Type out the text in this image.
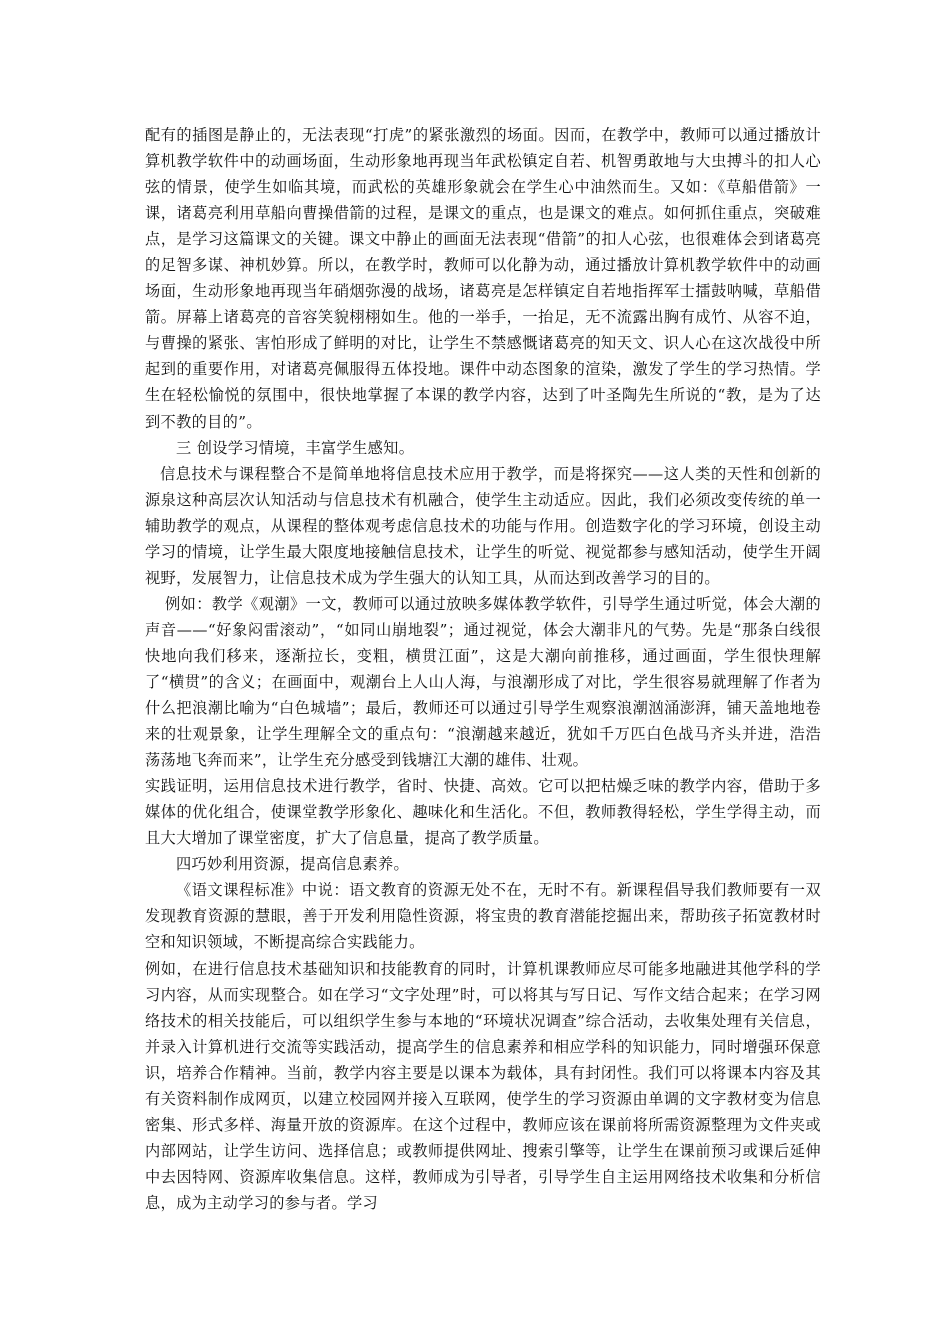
配有的插图是静止的，无法表现“打虎”的紧张激烈的场面。因而，在教学中，教师可以通过播放计算机教学软件中的动画场面，生动形象地再现当年武松镇定自若、机智勇敢地与大虫搏斗的扣人心弦的情景，使学生如临其境，而武松的英雄形象就会在学生心中油然而生。又如：《草船借箭》一课，诸葛亮利用草船向曹操借箭的过程，是课文的重点，也是课文的难点。如何抓住重点，突破难点，是学习这篇课文的关键。课文中静止的画面无法表现“借箭”的扣人心弦，也很难体会到诸葛亮的足智多谋、神机妙算。所以，在教学时，教师可以化静为动，通过播放计算机教学软件中的动画场面，生动形象地再现当年硝烟弥漫的战场，诸葛亮是怎样镇定自若地指挥军士擂鼓呐喊，草船借箭。屏幕上诸葛亮的音容笑貌栩栩如生。他的一举手，一抬足，无不流露出胸有成竹、从容不迫，与曹操的紧张、害怕形成了鲜明的对比，让学生不禁感慨诸葛亮的知天文、识人心在这次战役中所起到的重要作用，对诸葛亮佩服得五体投地。课件中动态图象的渲染，激发了学生的学习热情。学生在轻松愉悦的氛围中，很快地掌握了本课的教学内容，达到了叶圣陶先生所说的“教，是为了达到不教的目的”。

三 创设学习情境，丰富学生感知。

信息技术与课程整合不是简单地将信息技术应用于教学，而是将探究——这人类的天性和创新的源泉这种高层次认知活动与信息技术有机融合，使学生主动适应。因此，我们必须改变传统的单一辅助教学的观点，从课程的整体观考虑信息技术的功能与作用。创造数字化的学习环境，创设主动学习的情境，让学生最大限度地接触信息技术，让学生的听觉、视觉都参与感知活动，使学生开阔视野，发展智力，让信息技术成为学生强大的认知工具，从而达到改善学习的目的。

例如：教学《观潮》一文，教师可以通过放映多媒体教学软件，引导学生通过听觉，体会大潮的声音——“好象闷雷滚动”，“如同山崩地裂”；通过视觉，体会大潮非凡的气势。先是“那条白线很快地向我们移来，逐渐拉长，变粗，横贯江面”，这是大潮向前推移，通过画面，学生很快理解了“横贯”的含义；在画面中，观潮台上人山人海，与浪潮形成了对比，学生很容易就理解了作者为什么把浪潮比喻为“白色城墙”；最后，教师还可以通过引导学生观察浪潮汹涌澎湃，铺天盖地地卷来的壮观景象，让学生理解全文的重点句：“浪潮越来越近，犹如千万匹白色战马齐头并进，浩浩荡荡地飞奔而来”，让学生充分感受到钱塘江大潮的雄伟、壮观。

实践证明，运用信息技术进行教学，省时、快捷、高效。它可以把枯燥乏味的教学内容，借助于多媒体的优化组合，使课堂教学形象化、趣味化和生活化。不但，教师教得轻松，学生学得主动，而且大大增加了课堂密度，扩大了信息量，提高了教学质量。

四巧妙利用资源，提高信息素养。

《语文课程标准》中说：语文教育的资源无处不在，无时不有。新课程倡导我们教师要有一双发现教育资源的慧眼，善于开发利用隐性资源，将宝贵的教育潜能挖掘出来，帮助孩子拓宽教材时空和知识领域，不断提高综合实践能力。

例如，在进行信息技术基础知识和技能教育的同时，计算机课教师应尽可能多地融进其他学科的学习内容，从而实现整合。如在学习“文字处理”时，可以将其与写日记、写作文结合起来；在学习网络技术的相关技能后，可以组织学生参与本地的“环境状况调查”综合活动，去收集处理有关信息，并录入计算机进行交流等实践活动，提高学生的信息素养和相应学科的知识能力，同时增强环保意识，培养合作精神。当前，教学内容主要是以课本为载体，具有封闭性。我们可以将课本内容及其有关资料制作成网页，以建立校园网并接入互联网，使学生的学习资源由单调的文字教材变为信息密集、形式多样、海量开放的资源库。在这个过程中，教师应该在课前将所需资源整理为文件夹或内部网站，让学生访问、选择信息；或教师提供网址、搜索引擎等，让学生在课前预习或课后延伸中去因特网、资源库收集信息。这样，教师成为引导者，引导学生自主运用网络技术收集和分析信息，成为主动学习的参与者。学习
